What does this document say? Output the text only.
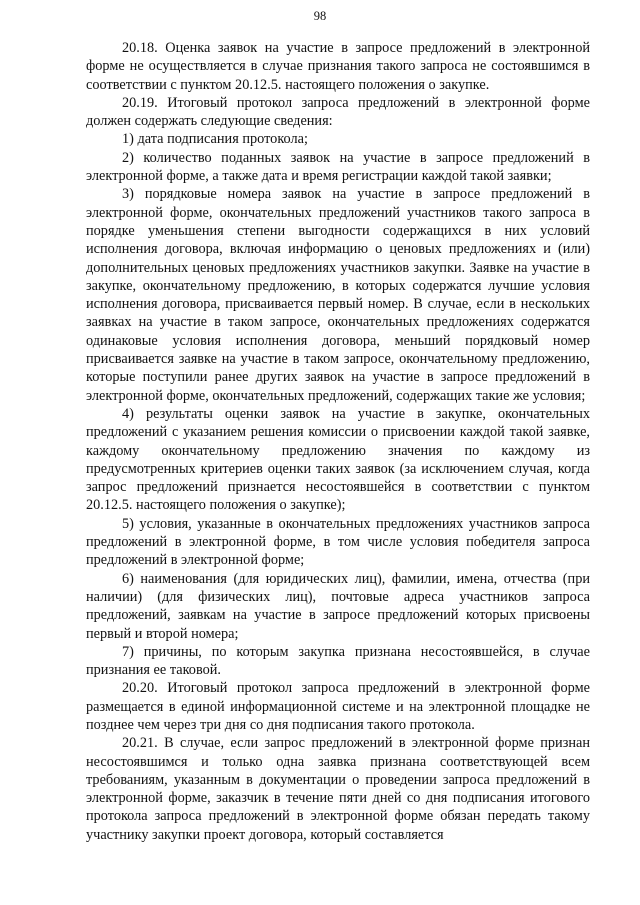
98

20.18. Оценка заявок на участие в запросе предложений в электронной форме не осуществляется в случае признания такого запроса не состоявшимся в соответствии с пунктом 20.12.5. настоящего положения о закупке.

20.19. Итоговый протокол запроса предложений в электронной форме должен содержать следующие сведения:

1) дата подписания протокола;

2) количество поданных заявок на участие в запросе предложений в электронной форме, а также дата и время регистрации каждой такой заявки;

3) порядковые номера заявок на участие в запросе предложений в электронной форме, окончательных предложений участников такого запроса в порядке уменьшения степени выгодности содержащихся в них условий исполнения договора, включая информацию о ценовых предложениях и (или) дополнительных ценовых предложениях участников закупки. Заявке на участие в закупке, окончательному предложению, в которых содержатся лучшие условия исполнения договора, присваивается первый номер. В случае, если в нескольких заявках на участие в таком запросе, окончательных предложениях содержатся одинаковые условия исполнения договора, меньший порядковый номер присваивается заявке на участие в таком запросе, окончательному предложению, которые поступили ранее других заявок на участие в запросе предложений в электронной форме, окончательных предложений, содержащих такие же условия;

4) результаты оценки заявок на участие в закупке, окончательных предложений с указанием решения комиссии о присвоении каждой такой заявке, каждому окончательному предложению значения по каждому из предусмотренных критериев оценки таких заявок (за исключением случая, когда запрос предложений признается несостоявшейся в соответствии с пунктом 20.12.5. настоящего положения о закупке);

5) условия, указанные в окончательных предложениях участников запроса предложений в электронной форме, в том числе условия победителя запроса предложений в электронной форме;

6) наименования (для юридических лиц), фамилии, имена, отчества (при наличии) (для физических лиц), почтовые адреса участников запроса предложений, заявкам на участие в запросе предложений которых присвоены первый и второй номера;

7) причины, по которым закупка признана несостоявшейся, в случае признания ее таковой.

20.20. Итоговый протокол запроса предложений в электронной форме размещается в единой информационной системе и на электронной площадке не позднее чем через три дня со дня подписания такого протокола.

20.21. В случае, если запрос предложений в электронной форме признан несостоявшимся и только одна заявка признана соответствующей всем требованиям, указанным в документации о проведении запроса предложений в электронной форме, заказчик в течение пяти дней со дня подписания итогового протокола запроса предложений в электронной форме обязан передать такому участнику закупки проект договора, который составляется
